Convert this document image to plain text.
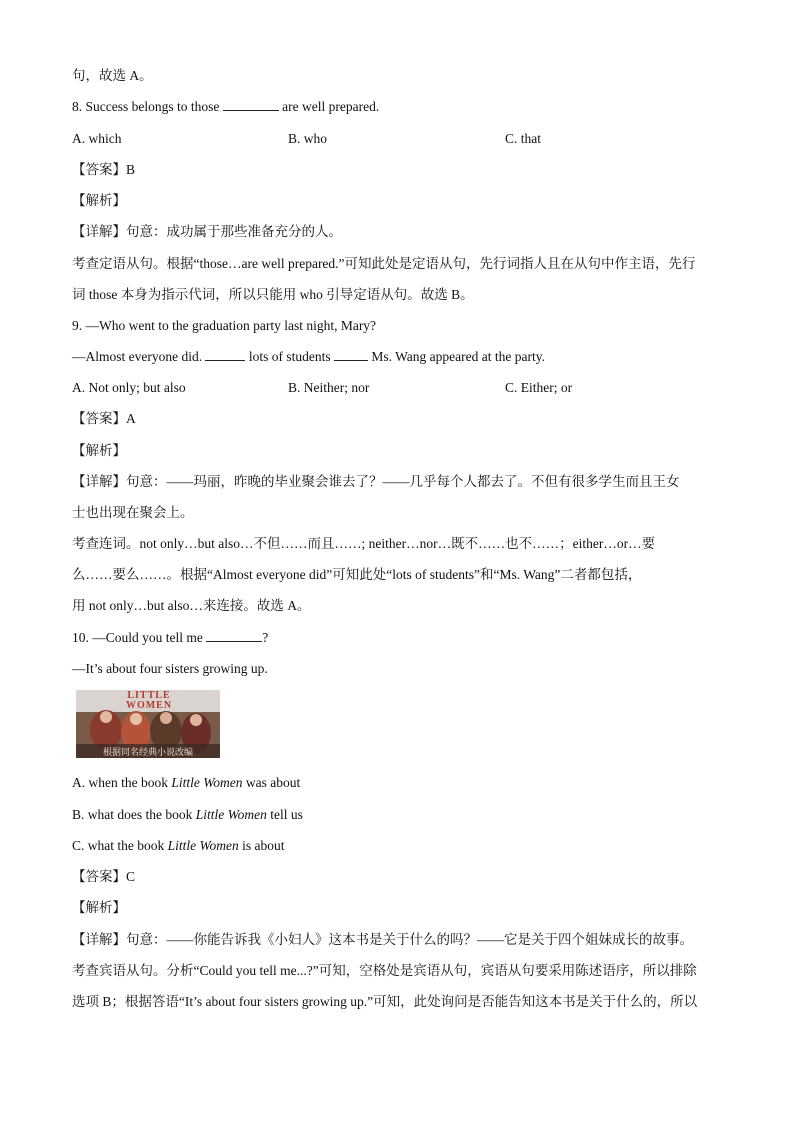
句，故选 A。
8. Success belongs to those	are well prepared.
A. which	B. who	C. that
【答案】B
【解析】
【详解】句意：成功属于那些准备充分的人。
考查定语从句。根据“those…are well prepared.”可知此处是定语从句，先行词指人且在从句中作主语，先行
词 those 本身为指示代词，所以只能用 who 引导定语从句。故选 B。
9. —Who went to the graduation party last night, Mary?
—Almost everyone did.	lots of students	Ms. Wang appeared at the party.
A. Not only; but also	B. Neither; nor	C. Either; or
【答案】A
【解析】
【详解】句意：——玛丽，昨晚的毕业聚会谁去了？——几乎每个人都去了。不但有很多学生而且王女
士也出现在聚会上。
考查连词。not only…but also…不但……而且……; neither…nor…既不……也不……；either…or…要
么……要么……。根据“Almost everyone did”可知此处“lots of students”和“Ms. Wang”二者都包括，
用 not only…but also…来连接。故选 A。
10. —Could you tell me	?
—It’s about four sisters growing up.
LITTLE
WOMEN
根据同名经典小说改编
A. when the book Little Women was about
B. what does the book Little Women tell us
C. what the book Little Women is about
【答案】C
【解析】
【详解】句意：——你能告诉我《小妇人》这本书是关于什么的吗？——它是关于四个姐妹成长的故事。
考查宾语从句。分析“Could you tell me...?”可知，空格处是宾语从句，宾语从句要采用陈述语序，所以排除
选项 B；根据答语“It’s about four sisters growing up.”可知，此处询问是否能告知这本书是关于什么的，所以
